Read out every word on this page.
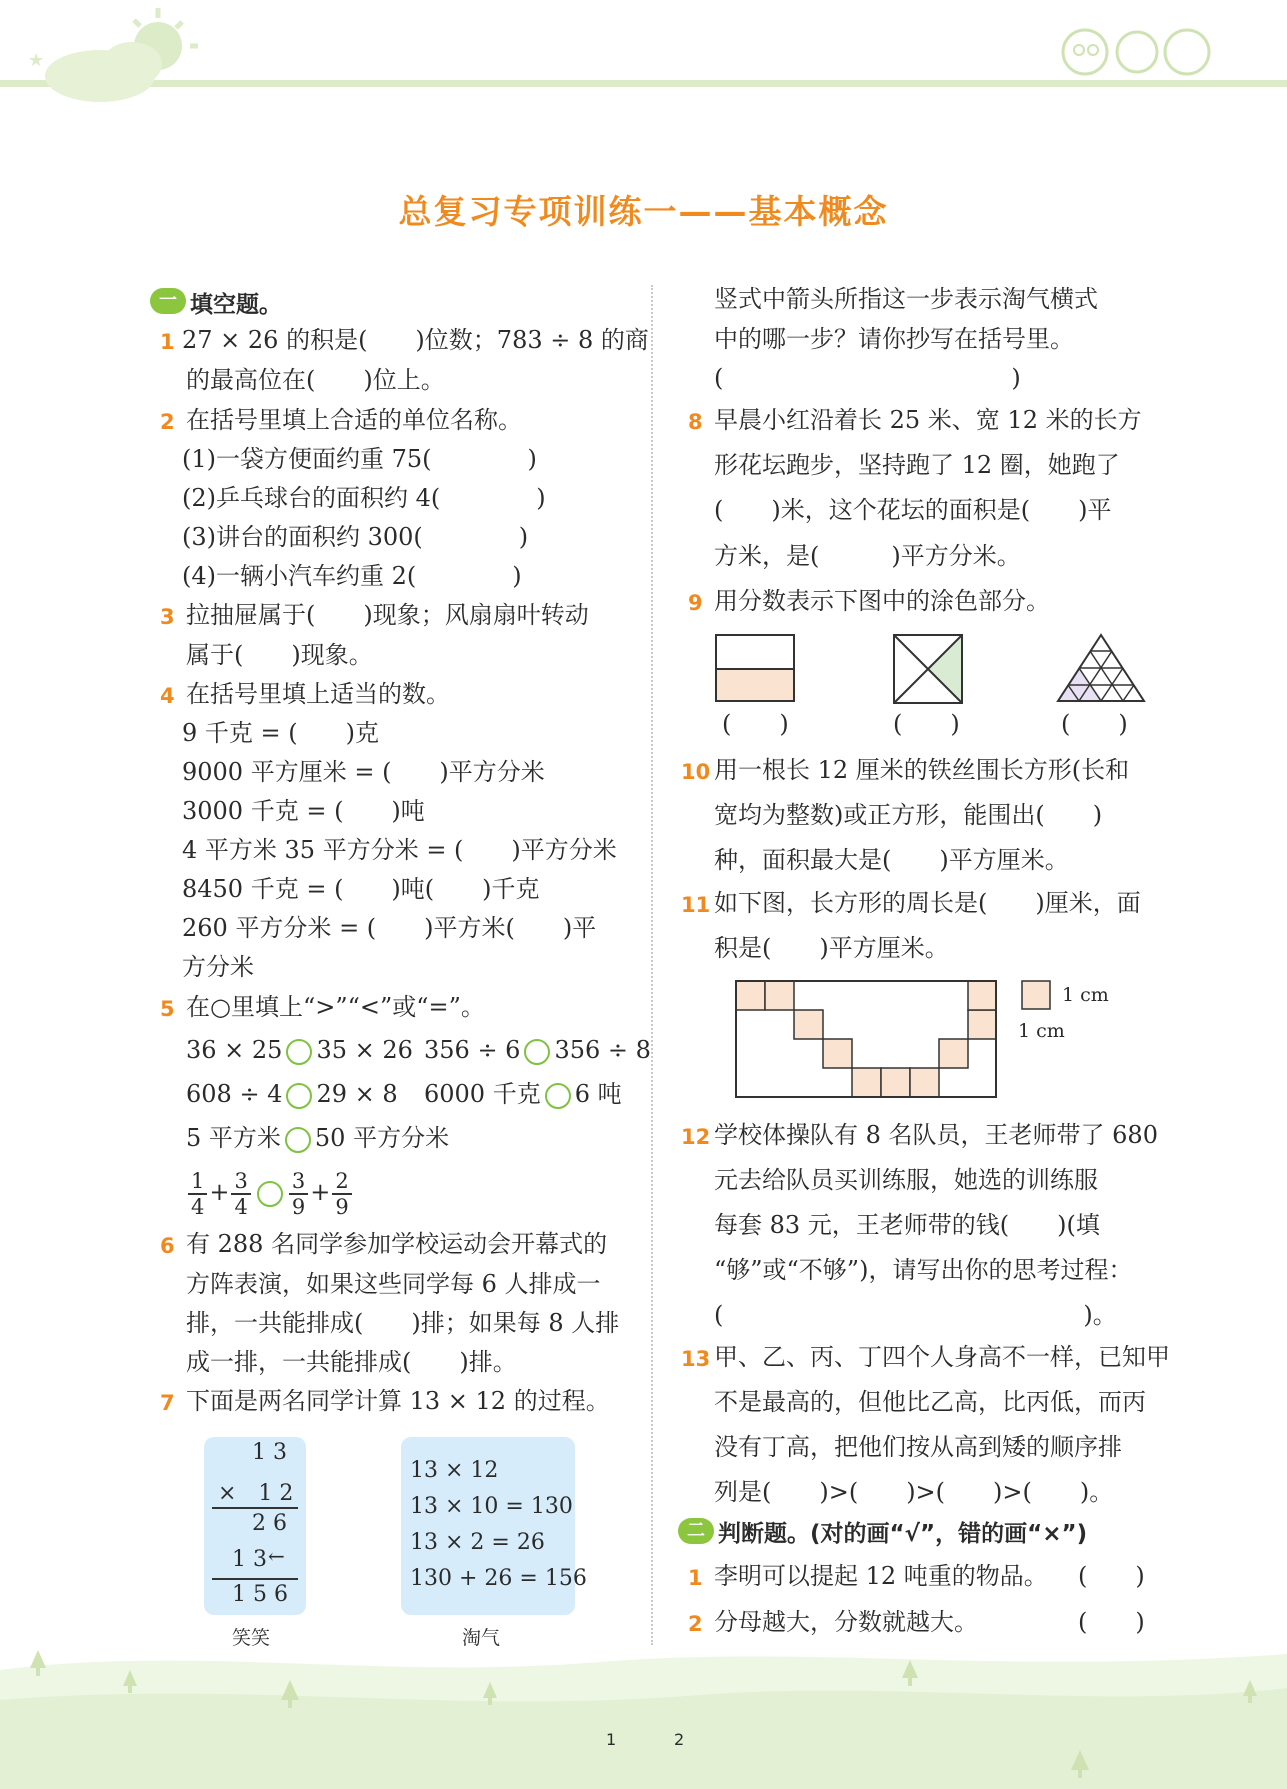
★
总复习专项训练一——基本概念
一 填空题。
1 27 × 26 的积是(　　)位数；783 ÷ 8 的商
的最高位在(　　)位上。
2 在括号里填上合适的单位名称。
(1)一袋方便面约重 75(　　　　)
(2)乒乓球台的面积约 4(　　　　)
(3)讲台的面积约 300(　　　　)
(4)一辆小汽车约重 2(　　　　)
3 拉抽屉属于(　　)现象；风扇扇叶转动
属于(　　)现象。
4 在括号里填上适当的数。
9 千克 = (　　)克
9000 平方厘米 = (　　)平方分米
3000 千克 = (　　)吨
4 平方米 35 平方分米 = (　　)平方分米
8450 千克 = (　　)吨(　　)千克
260 平方分米 = (　　)平方米(　　)平
方分米
5 在○里填上“>”“<”或“=”。
36 × 25 35 × 26 356 ÷ 6 356 ÷ 8
608 ÷ 4 29 × 8 6000 千克 6 吨
5 平方米 50 平方分米
$\frac{1}{4} + \frac{3}{4} \frac{3}{9} + \frac{2}{9}$
6 有 288 名同学参加学校运动会开幕式的
方阵表演，如果这些同学每 6 人排成一
排，一共能排成(　　)排；如果每 8 人排
成一排，一共能排成(　　)排。
7 下面是两名同学计算 13 × 12 的过程。
1 3
×　1 2
2 6
1 3 ←
1 5 6
笑笑
13 × 12
13 × 10 = 130
13 × 2 = 26
130 + 26 = 156
淘气
竖式中箭头所指这一步表示淘气横式
中的哪一步？请你抄写在括号里。
(　　　　　　　　　　　　)
8 早晨小红沿着长 25 米、宽 12 米的长方
形花坛跑步，坚持跑了 12 圈，她跑了
(　　)米，这个花坛的面积是(　　)平
方米，是(　　　)平方分米。
9 用分数表示下图中的涂色部分。
(　　)	(　　)	(　　)
10 用一根长 12 厘米的铁丝围长方形(长和
宽均为整数)或正方形，能围出(　　)
种，面积最大是(　　)平方厘米。
11 如下图，长方形的周长是(　　)厘米，面
积是(　　)平方厘米。
1 cm
1 cm
12 学校体操队有 8 名队员，王老师带了 680
元去给队员买训练服，她选的训练服
每套 83 元，王老师带的钱(　　)(填
“够”或“不够”)，请写出你的思考过程：
(　　　　　　　　　　　　　　　)。
13 甲、乙、丙、丁四个人身高不一样，已知甲
不是最高的，但他比乙高，比丙低，而丙
没有丁高，把他们按从高到矮的顺序排
列是(　　)>(　　)>(　　)>(　　)。
二 判断题。(对的画“√”，错的画“×”)
1 李明可以提起 12 吨重的物品。 (　　)
2 分母越大，分数就越大。	(　　)
1	2
